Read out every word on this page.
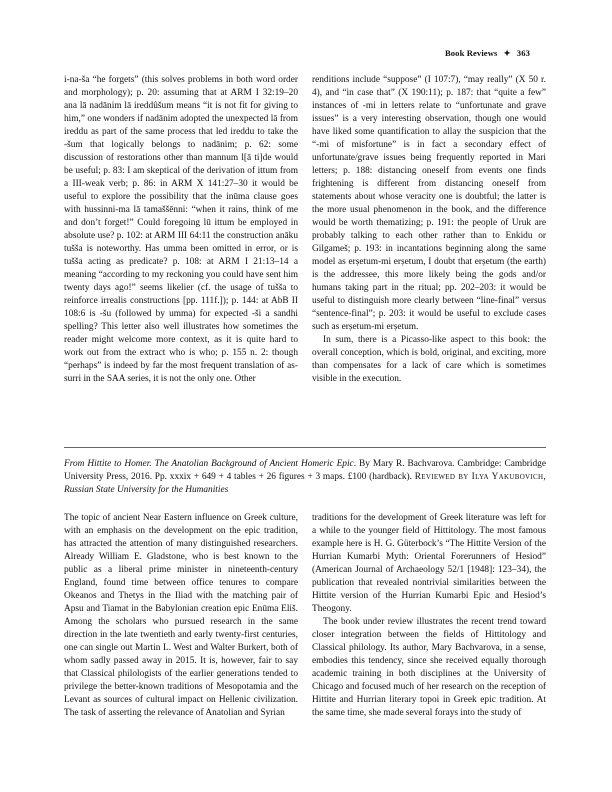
Book Reviews ✦ 363

i-na-ša “he forgets” (this solves problems in both word order and morphology); p. 20: assuming that at ARM I 32:19–20 ana lā nadānim lā ireddûšum means “it is not fit for giving to him,” one wonders if nadānim adopted the unexpected lā from ireddu as part of the same process that led ireddu to take the -šum that logically belongs to nadānim; p. 62: some discussion of restorations other than mannum l[ā ti]de would be useful; p. 83: I am skeptical of the derivation of ittum from a III-weak verb; p. 86: in ARM X 141:27–30 it would be useful to explore the possibility that the inūma clause goes with hussinni-ma lā tamaššēnni: “when it rains, think of me and don’t forget!” Could foregoing lū ittum be employed in absolute use? p. 102: at ARM III 64:11 the construction anāku tušša is noteworthy. Has umma been omitted in error, or is tušša acting as predicate? p. 108: at ARM I 21:13–14 a meaning “according to my reckoning you could have sent him twenty days ago!” seems likelier (cf. the usage of tušša to reinforce irrealis constructions [pp. 111f.]); p. 144: at AbB II 108:6 is -šu (followed by umma) for expected -ši a sandhi spelling? This letter also well illustrates how sometimes the reader might welcome more context, as it is quite hard to work out from the extract who is who; p. 155 n. 2: though “perhaps” is indeed by far the most frequent translation of as-surri in the SAA series, it is not the only one. Other

renditions include “suppose” (I 107:7), “may really” (X 50 r. 4), and “in case that” (X 190:11); p. 187: that “quite a few” instances of -mi in letters relate to “unfortunate and grave issues” is a very interesting observation, though one would have liked some quantification to allay the suspicion that the “-mi of misfortune” is in fact a secondary effect of unfortunate/grave issues being frequently reported in Mari letters; p. 188: distancing oneself from events one finds frightening is different from distancing oneself from statements about whose veracity one is doubtful; the latter is the more usual phenomenon in the book, and the difference would be worth thematizing; p. 191: the people of Uruk are probably talking to each other rather than to Enkidu or Gilgameš; p. 193: in incantations beginning along the same model as erṣetum-mi erṣetum, I doubt that erṣetum (the earth) is the addressee, this more likely being the gods and/or humans taking part in the ritual; pp. 202–203: it would be useful to distinguish more clearly between “line-final” versus “sentence-final”; p. 203: it would be useful to exclude cases such as erṣetum-mi erṣetum.

In sum, there is a Picasso-like aspect to this book: the overall conception, which is bold, original, and exciting, more than compensates for a lack of care which is sometimes visible in the execution.

From Hittite to Homer. The Anatolian Background of Ancient Homeric Epic. By Mary R. Bachvarova. Cambridge: Cambridge University Press, 2016. Pp. xxxix + 649 + 4 tables + 26 figures + 3 maps. £100 (hardback). Reviewed by Ilya Yakubovich, Russian State University for the Humanities

The topic of ancient Near Eastern influence on Greek culture, with an emphasis on the development on the epic tradition, has attracted the attention of many distinguished researchers. Already William E. Gladstone, who is best known to the public as a liberal prime minister in nineteenth-century England, found time between office tenures to compare Okeanos and Thetys in the Iliad with the matching pair of Apsu and Tiamat in the Babylonian creation epic Enūma Eliš. Among the scholars who pursued research in the same direction in the late twentieth and early twenty-first centuries, one can single out Martin L. West and Walter Burkert, both of whom sadly passed away in 2015. It is, however, fair to say that Classical philologists of the earlier generations tended to privilege the better-known traditions of Mesopotamia and the Levant as sources of cultural impact on Hellenic civilization. The task of asserting the relevance of Anatolian and Syrian

traditions for the development of Greek literature was left for a while to the younger field of Hittitology. The most famous example here is H. G. Güterbock’s “The Hittite Version of the Hurrian Kumarbi Myth: Oriental Forerunners of Hesiod” (American Journal of Archaeology 52/1 [1948]: 123–34), the publication that revealed nontrivial similarities between the Hittite version of the Hurrian Kumarbi Epic and Hesiod’s Theogony.

The book under review illustrates the recent trend toward closer integration between the fields of Hittitology and Classical philology. Its author, Mary Bachvarova, in a sense, embodies this tendency, since she received equally thorough academic training in both disciplines at the University of Chicago and focused much of her research on the reception of Hittite and Hurrian literary topoi in Greek epic tradition. At the same time, she made several forays into the study of
